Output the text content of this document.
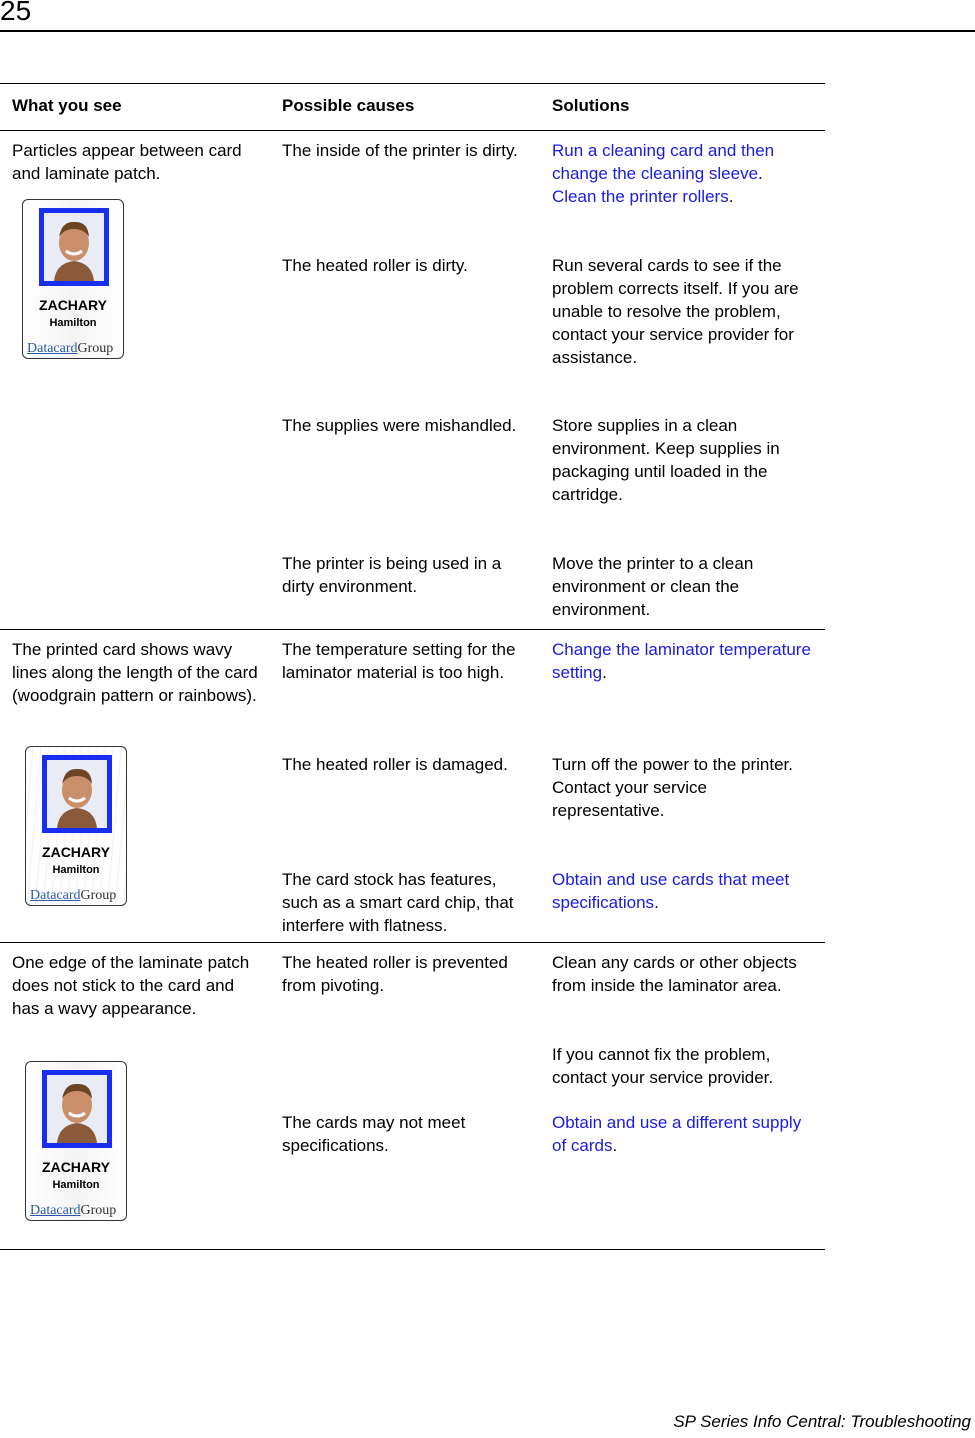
25
What you see	Possible causes	Solutions
Particles appear between card and laminate patch.
ZACHARY
Hamilton
DatacardGroup
The inside of the printer is dirty.
The heated roller is dirty.
The supplies were mishandled.
The printer is being used in a dirty environment.
Run a cleaning card and then change the cleaning sleeve.
Clean the printer rollers.
Run several cards to see if the problem corrects itself. If you are unable to resolve the problem, contact your service provider for assistance.
Store supplies in a clean environment. Keep supplies in packaging until loaded in the cartridge.
Move the printer to a clean environment or clean the environment.
The printed card shows wavy lines along the length of the card (woodgrain pattern or rainbows).
ZACHARY
Hamilton
DatacardGroup
The temperature setting for the laminator material is too high.
The heated roller is damaged.
The card stock has features, such as a smart card chip, that interfere with flatness.
Change the laminator temperature setting.
Turn off the power to the printer. Contact your service representative.
Obtain and use cards that meet specifications.
One edge of the laminate patch does not stick to the card and has a wavy appearance.
ZACHARY
Hamilton
DatacardGroup
The heated roller is prevented from pivoting.
The cards may not meet specifications.
Clean any cards or other objects from inside the laminator area.
If you cannot fix the problem, contact your service provider.
Obtain and use a different supply of cards.
SP Series Info Central: Troubleshooting
